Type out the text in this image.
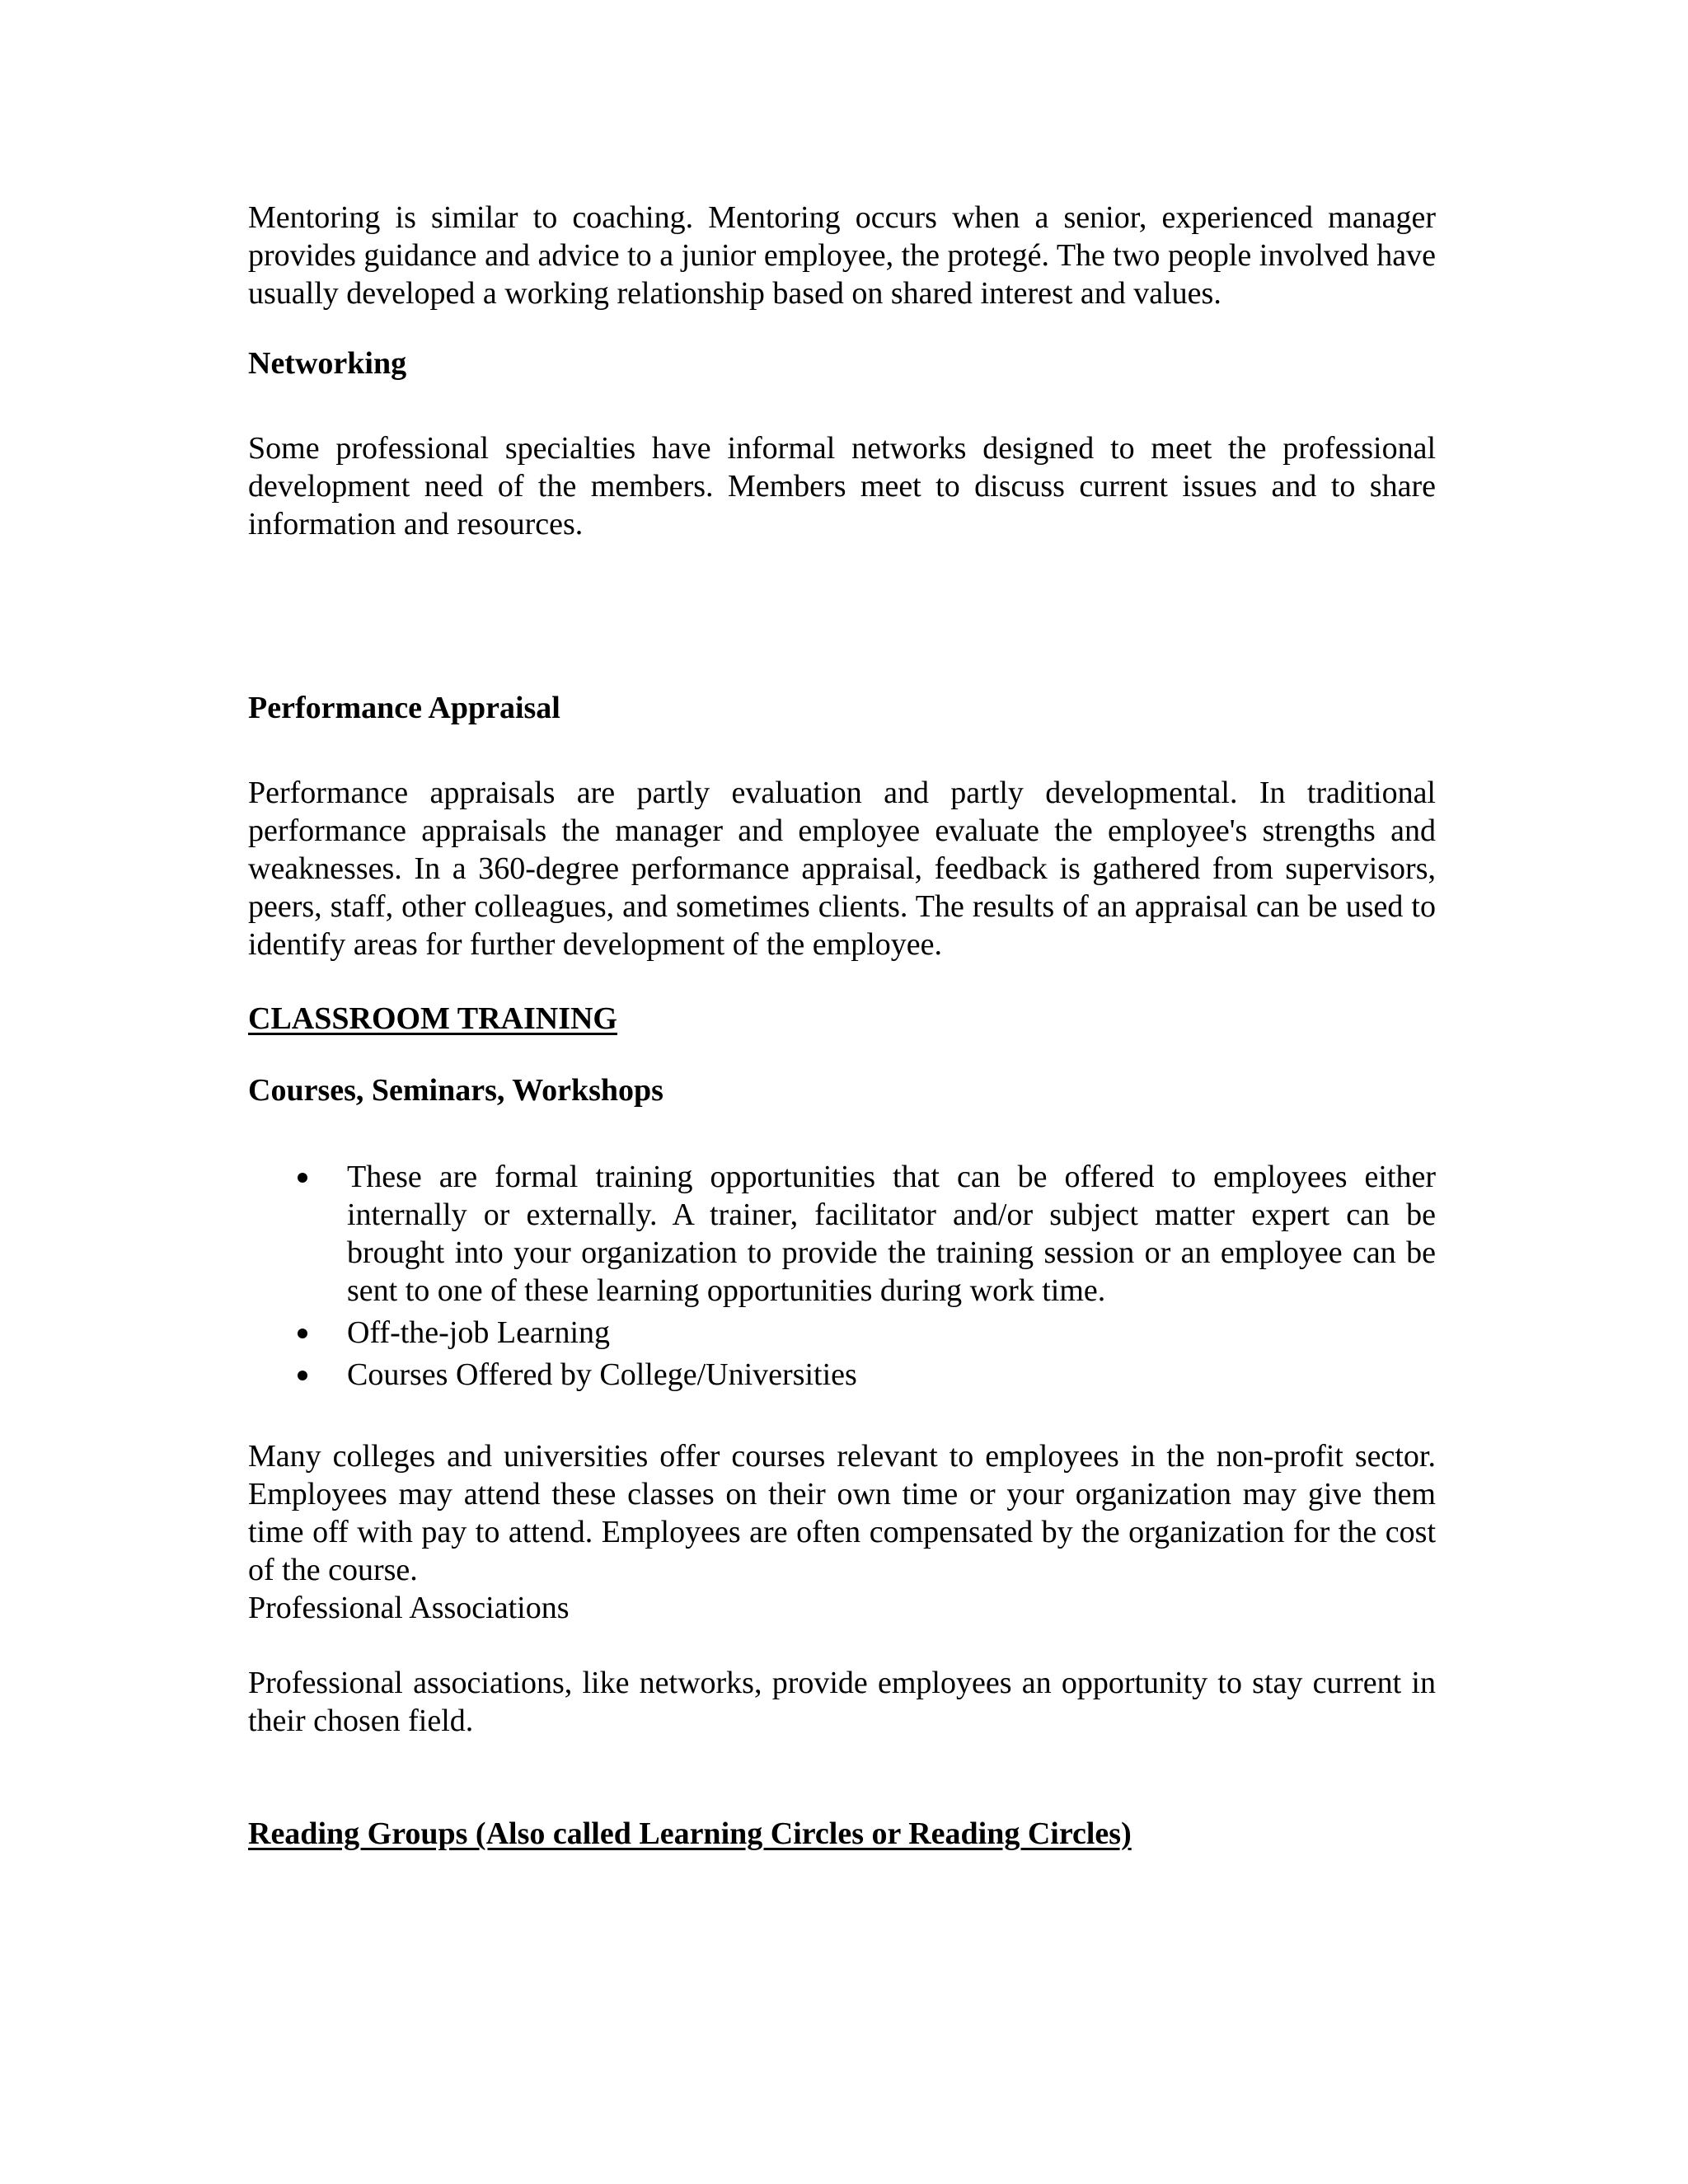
Mentoring is similar to coaching. Mentoring occurs when a senior, experienced manager provides guidance and advice to a junior employee, the protegé. The two people involved have usually developed a working relationship based on shared interest and values.

Networking

Some professional specialties have informal networks designed to meet the professional development need of the members. Members meet to discuss current issues and to share information and resources.

Performance Appraisal

Performance appraisals are partly evaluation and partly developmental. In traditional performance appraisals the manager and employee evaluate the employee's strengths and weaknesses. In a 360-degree performance appraisal, feedback is gathered from supervisors, peers, staff, other colleagues, and sometimes clients. The results of an appraisal can be used to identify areas for further development of the employee.

CLASSROOM TRAINING

Courses, Seminars, Workshops

These are formal training opportunities that can be offered to employees either internally or externally. A trainer, facilitator and/or subject matter expert can be brought into your organization to provide the training session or an employee can be sent to one of these learning opportunities during work time.
Off-the-job Learning
Courses Offered by College/Universities

Many colleges and universities offer courses relevant to employees in the non-profit sector. Employees may attend these classes on their own time or your organization may give them time off with pay to attend. Employees are often compensated by the organization for the cost of the course.

Professional Associations

Professional associations, like networks, provide employees an opportunity to stay current in their chosen field.

Reading Groups (Also called Learning Circles or Reading Circles)
